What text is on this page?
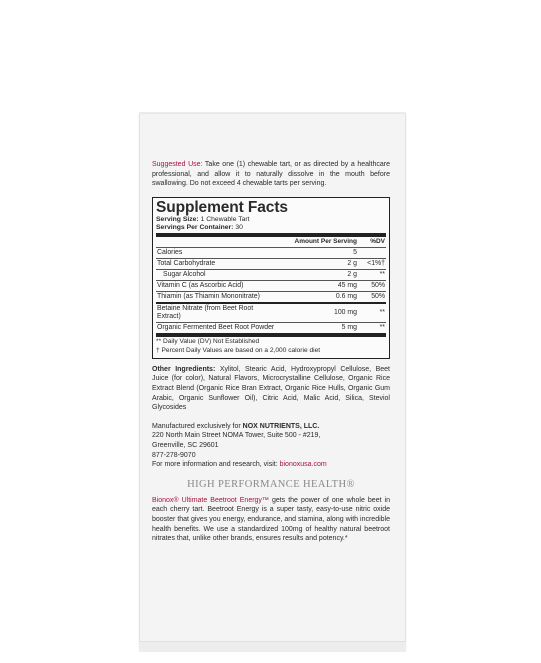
Suggested Use: Take one (1) chewable tart, or as directed by a healthcare professional, and allow it to naturally dissolve in the mouth before swallowing. Do not exceed 4 chewable tarts per serving.
Supplement Facts
Serving Size: 1 Chewable Tart
Servings Per Container: 30
	Amount Per Serving	%DV
Calories	5	
Total Carbohydrate	2 g	<1%†
Sugar Alcohol	2 g	**
Vitamin C (as Ascorbic Acid)	45 mg	50%
Thiamin (as Thiamin Mononitrate)	0.6 mg	50%
Betaine Nitrate (from Beet Root Extract)	100 mg	**
Organic Fermented Beet Root Powder	5 mg	**
** Daily Value (DV) Not Established
† Percent Daily Values are based on a 2,000 calorie diet
Other Ingredients: Xylitol, Stearic Acid, Hydroxypropyl Cellulose, Beet Juice (for color), Natural Flavors, Microcrystalline Cellulose, Organic Rice Extract Blend (Organic Rice Bran Extract, Organic Rice Hulls, Organic Gum Arabic, Organic Sunflower Oil), Citric Acid, Malic Acid, Silica, Steviol Glycosides
Manufactured exclusively for NOX NUTRIENTS, LLC.
220 North Main Street NOMA Tower, Suite 500 - #219,
Greenville, SC 29601
877-278-9070
For more information and research, visit: bionoxusa.com
HIGH PERFORMANCE HEALTH®
Bionox® Ultimate Beetroot Energy™ gets the power of one whole beet in each cherry tart. Beetroot Energy is a super tasty, easy-to-use nitric oxide booster that gives you energy, endurance, and stamina, along with incredible health benefits. We use a standardized 100mg of healthy natural beetroot nitrates that, unlike other brands, ensures results and potency.*
